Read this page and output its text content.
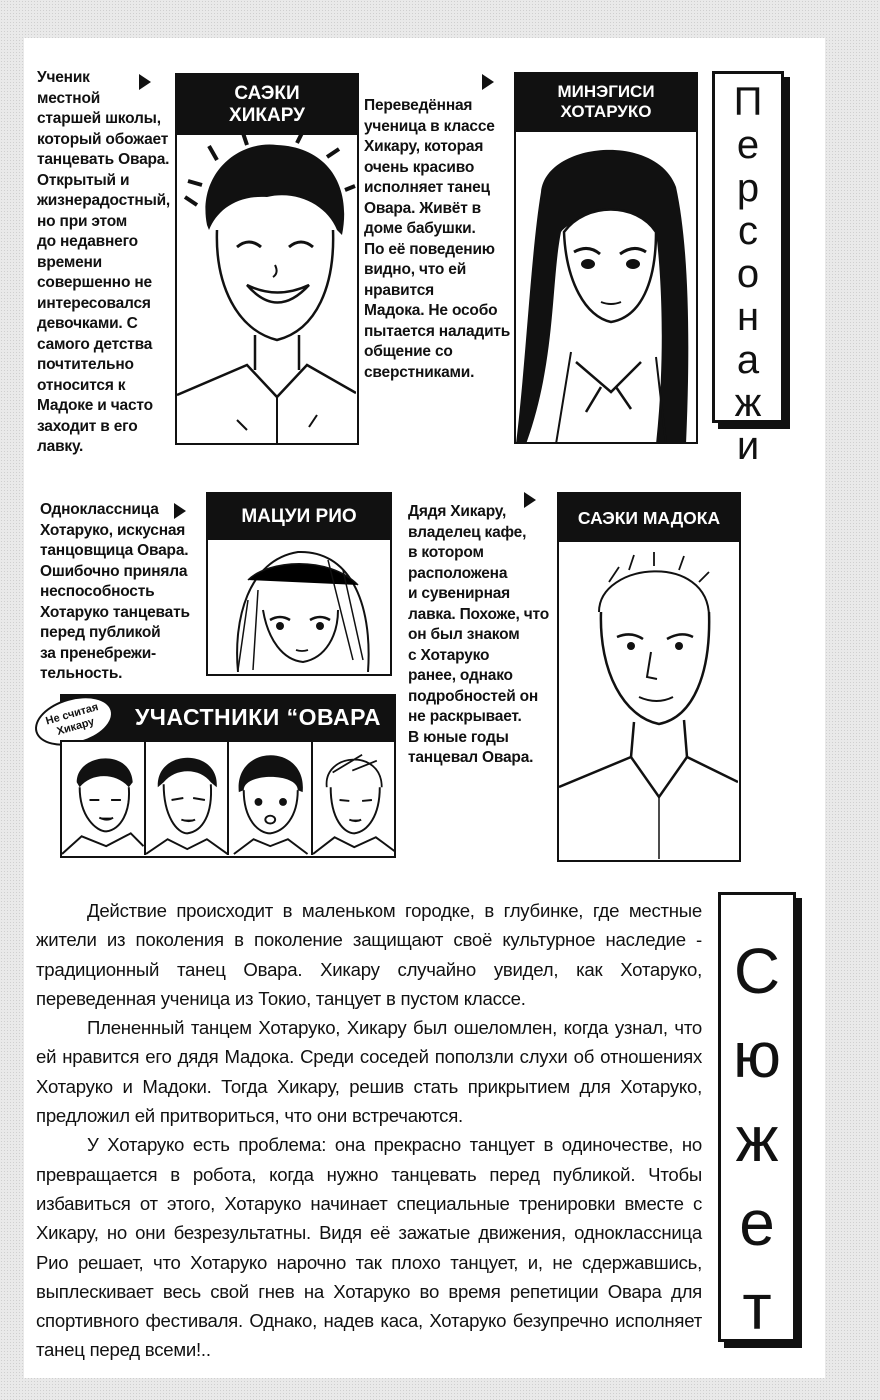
Ученик
местной
старшей школы,
который обожает
танцевать Овара.
Открытый и
жизнерадостный,
но при этом
до недавнего
времени
совершенно не
интересовался
девочками. С
самого детства
почтительно
относится к
Мадоке и часто
заходит в его
лавку.
САЭКИ
ХИКАРУ	Переведённая
ученица в классе
Хикару, которая
очень красиво
исполняет танец
Овара. Живёт в
доме бабушки.
По её поведению
видно, что ей
нравится
Мадока. Не особо
пытается наладить
общение со
сверстниками.
МИНЭГИСИ
ХОТАРУКО	П
е
р
с
о
н
а
ж
и
Одноклассница
Хотаруко, искусная
танцовщица Овара.
Ошибочно приняла
неспособность
Хотаруко танцевать
перед публикой
за пренебрежи-
тельность.
МАЦУИ РИО	Дядя Хикару,
владелец кафе,
в котором
расположена
и сувенирная
лавка. Похоже, что
он был знаком
с Хотаруко
ранее, однако
подробностей он
не раскрывает.
В юные годы
танцевал Овара.
САЭКИ МАДОКА
УЧАСТНИКИ “ОВАРА
Не считая
Хикару

Действие происходит в маленьком городке, в глубинке, где местные жители из поколения в поколение защищают своё культурное наследие - традиционный танец Овара. Хикару случайно увидел, как Хотаруко, переведенная ученица из Токио, танцует в пустом классе.

Плененный танцем Хотаруко, Хикару был ошеломлен, когда узнал, что ей нравится его дядя Мадока. Среди соседей поползли слухи об отношениях Хотаруко и Мадоки. Тогда Хикару, решив стать прикрытием для Хотаруко, предложил ей притвориться, что они встречаются.

У Хотаруко есть проблема: она прекрасно танцует в одиночестве, но превращается в робота, когда нужно танцевать перед публикой. Чтобы избавиться от этого, Хотаруко начинает специальные тренировки вместе с Хикару, но они безрезультатны. Видя её зажатые движения, одноклассница Рио решает, что Хотаруко нарочно так плохо танцует, и, не сдержавшись, выплескивает весь свой гнев на Хотаруко во время репетиции Овара для спортивного фестиваля. Однако, надев каса, Хотаруко безупречно исполняет танец перед всеми!..

С
ю
ж
е
т
